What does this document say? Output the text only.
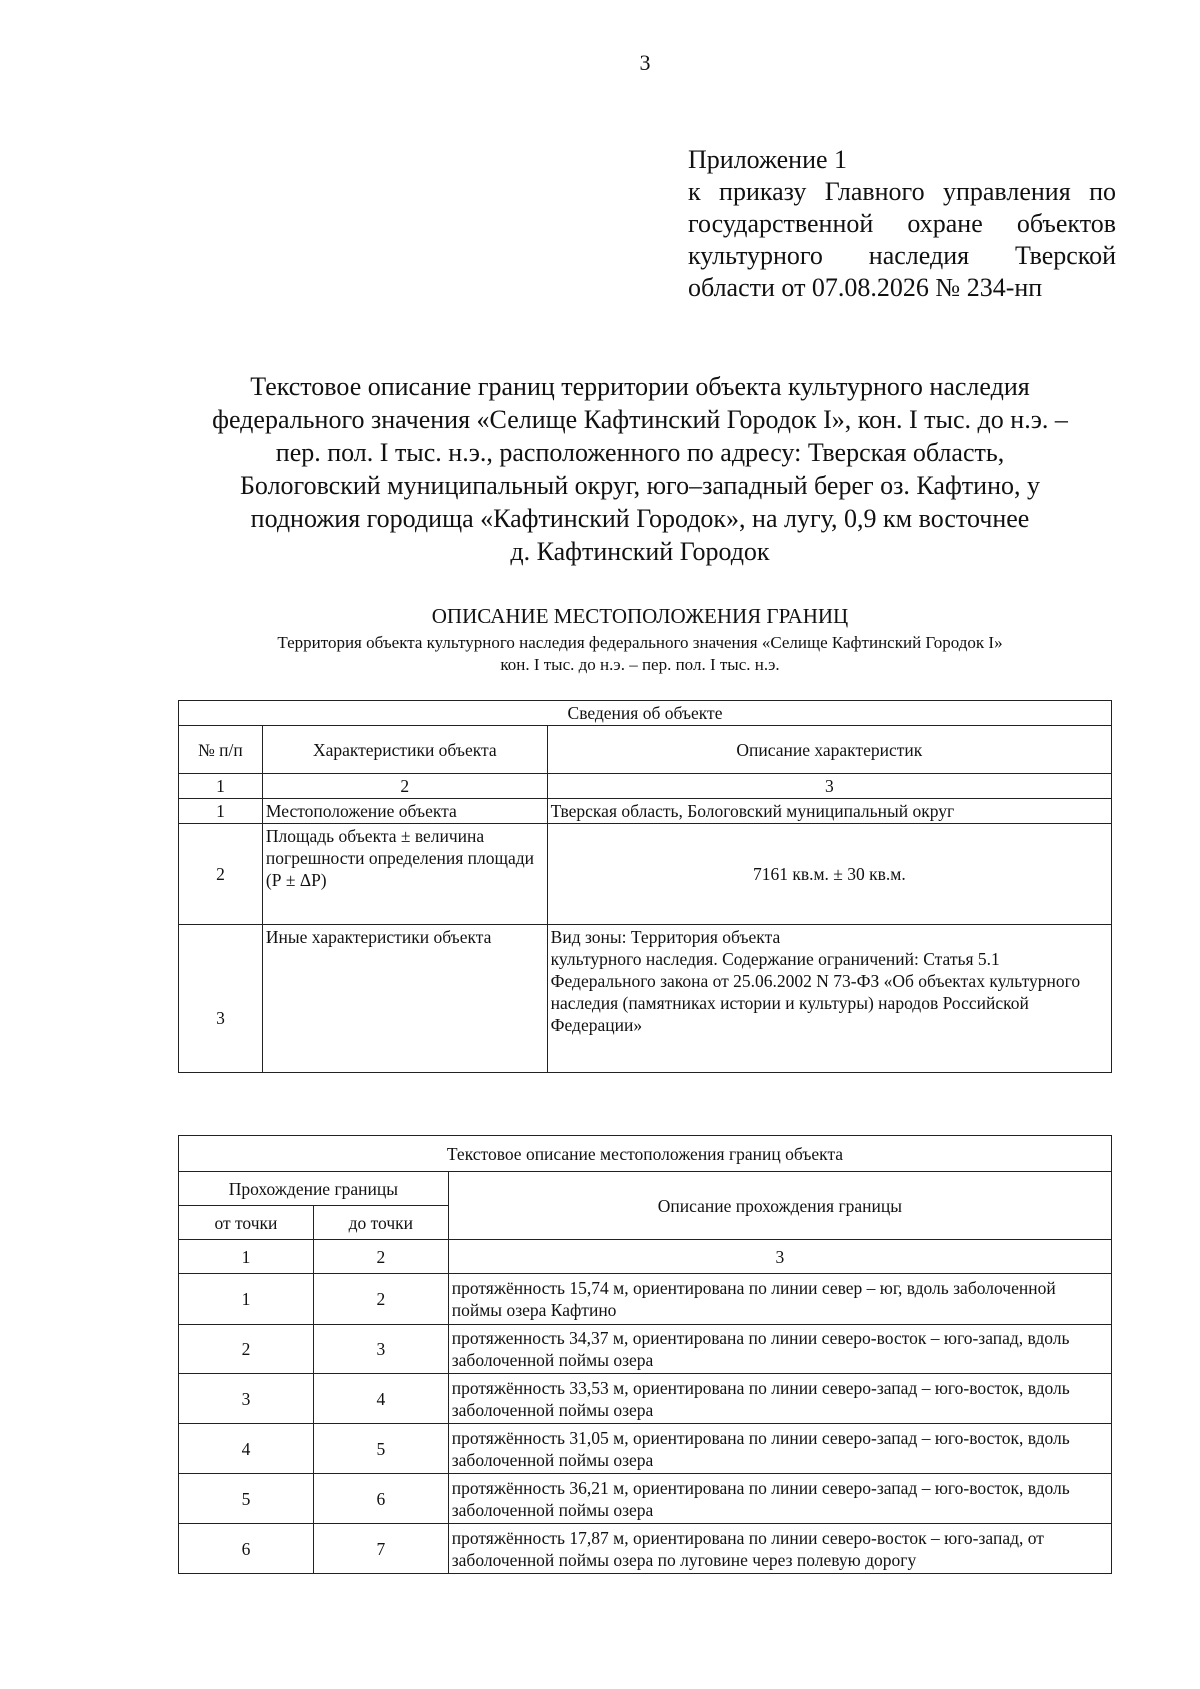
3
Приложение 1
к приказу Главного управления по
государственной охране объектов
культурного наследия Тверской
области от 07.08.2026 № 234-нп
Текстовое описание границ территории объекта культурного наследия
федерального значения «Селище Кафтинский Городок I», кон. I тыс. до н.э. –
пер. пол. I тыс. н.э., расположенного по адресу: Тверская область,
Бологовский муниципальный округ, юго–западный берег оз. Кафтино, у
подножия городища «Кафтинский Городок», на лугу, 0,9 км восточнее
д. Кафтинский Городок
ОПИСАНИЕ МЕСТОПОЛОЖЕНИЯ ГРАНИЦ
Территория объекта культурного наследия федерального значения «Селище Кафтинский Городок I»
кон. I тыс. до н.э. – пер. пол. I тыс. н.э.
Сведения об объекте		
№ п/п	Характеристики объекта	Описание характеристик
1	2	3
1	Местоположение объекта	Тверская область, Бологовский муниципальный округ
2	Площадь объекта ± величина погрешности определения площади (Р ± ΔР)	7161 кв.м. ± 30 кв.м.
3	Иные характеристики объекта	Вид зоны: Территория объекта
культурного наследия. Содержание ограничений: Статья 5.1 Федерального закона от 25.06.2002 N 73-ФЗ «Об объектах культурного наследия (памятниках истории и культуры) народов Российской Федерации»
Текстовое описание местоположения границ объекта		
Прохождение границы		Описание прохождения границы
от точки	до точки	
1	2	3
1	2	протяжённость 15,74 м, ориентирована по линии север – юг, вдоль заболоченной поймы озера Кафтино
2	3	протяженность 34,37 м, ориентирована по линии северо-восток – юго-запад, вдоль заболоченной поймы озера
3	4	протяжённость 33,53 м, ориентирована по линии северо-запад – юго-восток, вдоль заболоченной поймы озера
4	5	протяжённость 31,05 м, ориентирована по линии северо-запад – юго-восток, вдоль заболоченной поймы озера
5	6	протяжённость 36,21 м, ориентирована по линии северо-запад – юго-восток, вдоль заболоченной поймы озера
6	7	протяжённость 17,87 м, ориентирована по линии северо-восток – юго-запад, от заболоченной поймы озера по луговине через полевую дорогу
